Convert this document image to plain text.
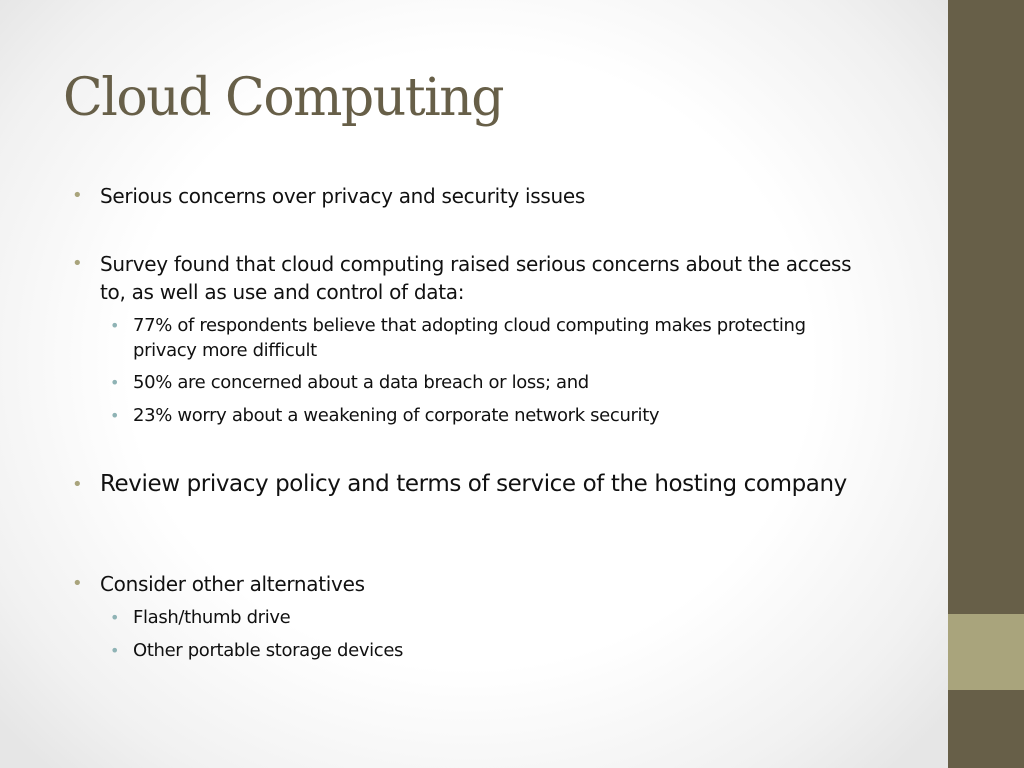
Cloud Computing
• Serious concerns over privacy and security issues
• Survey found that cloud computing raised serious concerns about the access to, as well as use and control of data:
• 77% of respondents believe that adopting cloud computing makes protecting privacy more difficult
• 50% are concerned about a data breach or loss; and
• 23% worry about a weakening of corporate network security
• Review privacy policy and terms of service of the hosting company
• Consider other alternatives
• Flash/thumb drive
• Other portable storage devices
